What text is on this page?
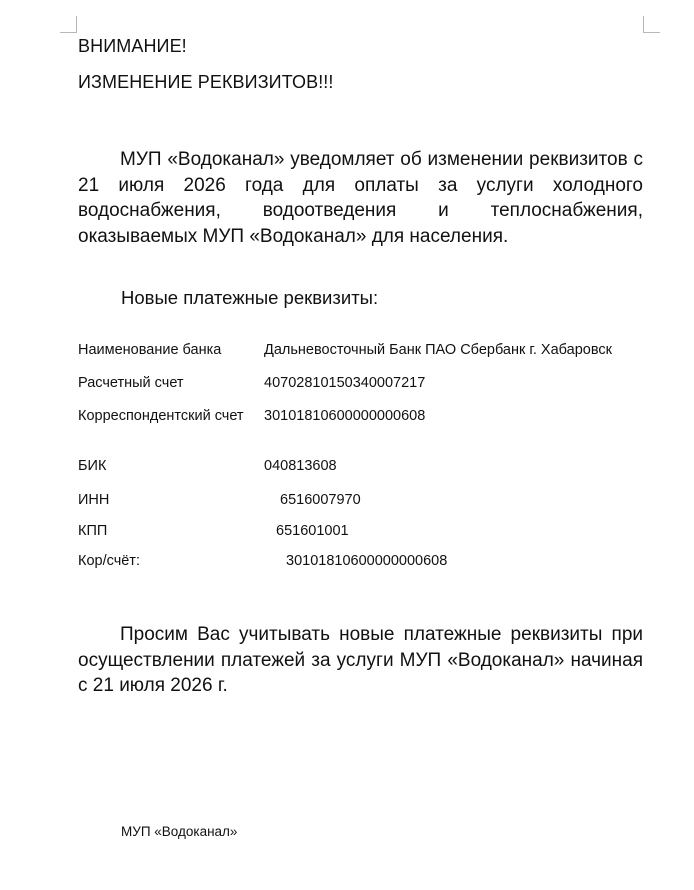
ВНИМАНИЕ!
ИЗМЕНЕНИЕ РЕКВИЗИТОВ!!!
МУП «Водоканал» уведомляет об изменении реквизитов с 21 июля 2026 года для оплаты за услуги холодного водоснабжения, водоотведения и теплоснабжения, оказываемых МУП «Водоканал» для населения.
Новые платежные реквизиты:
Наименование банка	Дальневосточный Банк ПАО Сбербанк г. Хабаровск
Расчетный счет	40702810150340007217
Корреспондентский счет	30101810600000000608
БИК	040813608
ИНН	6516007970
КПП	651601001
Кор/счёт:	30101810600000000608
Просим Вас учитывать новые платежные реквизиты при осуществлении платежей за услуги МУП «Водоканал» начиная с 21 июля 2026 г.
МУП «Водоканал»
